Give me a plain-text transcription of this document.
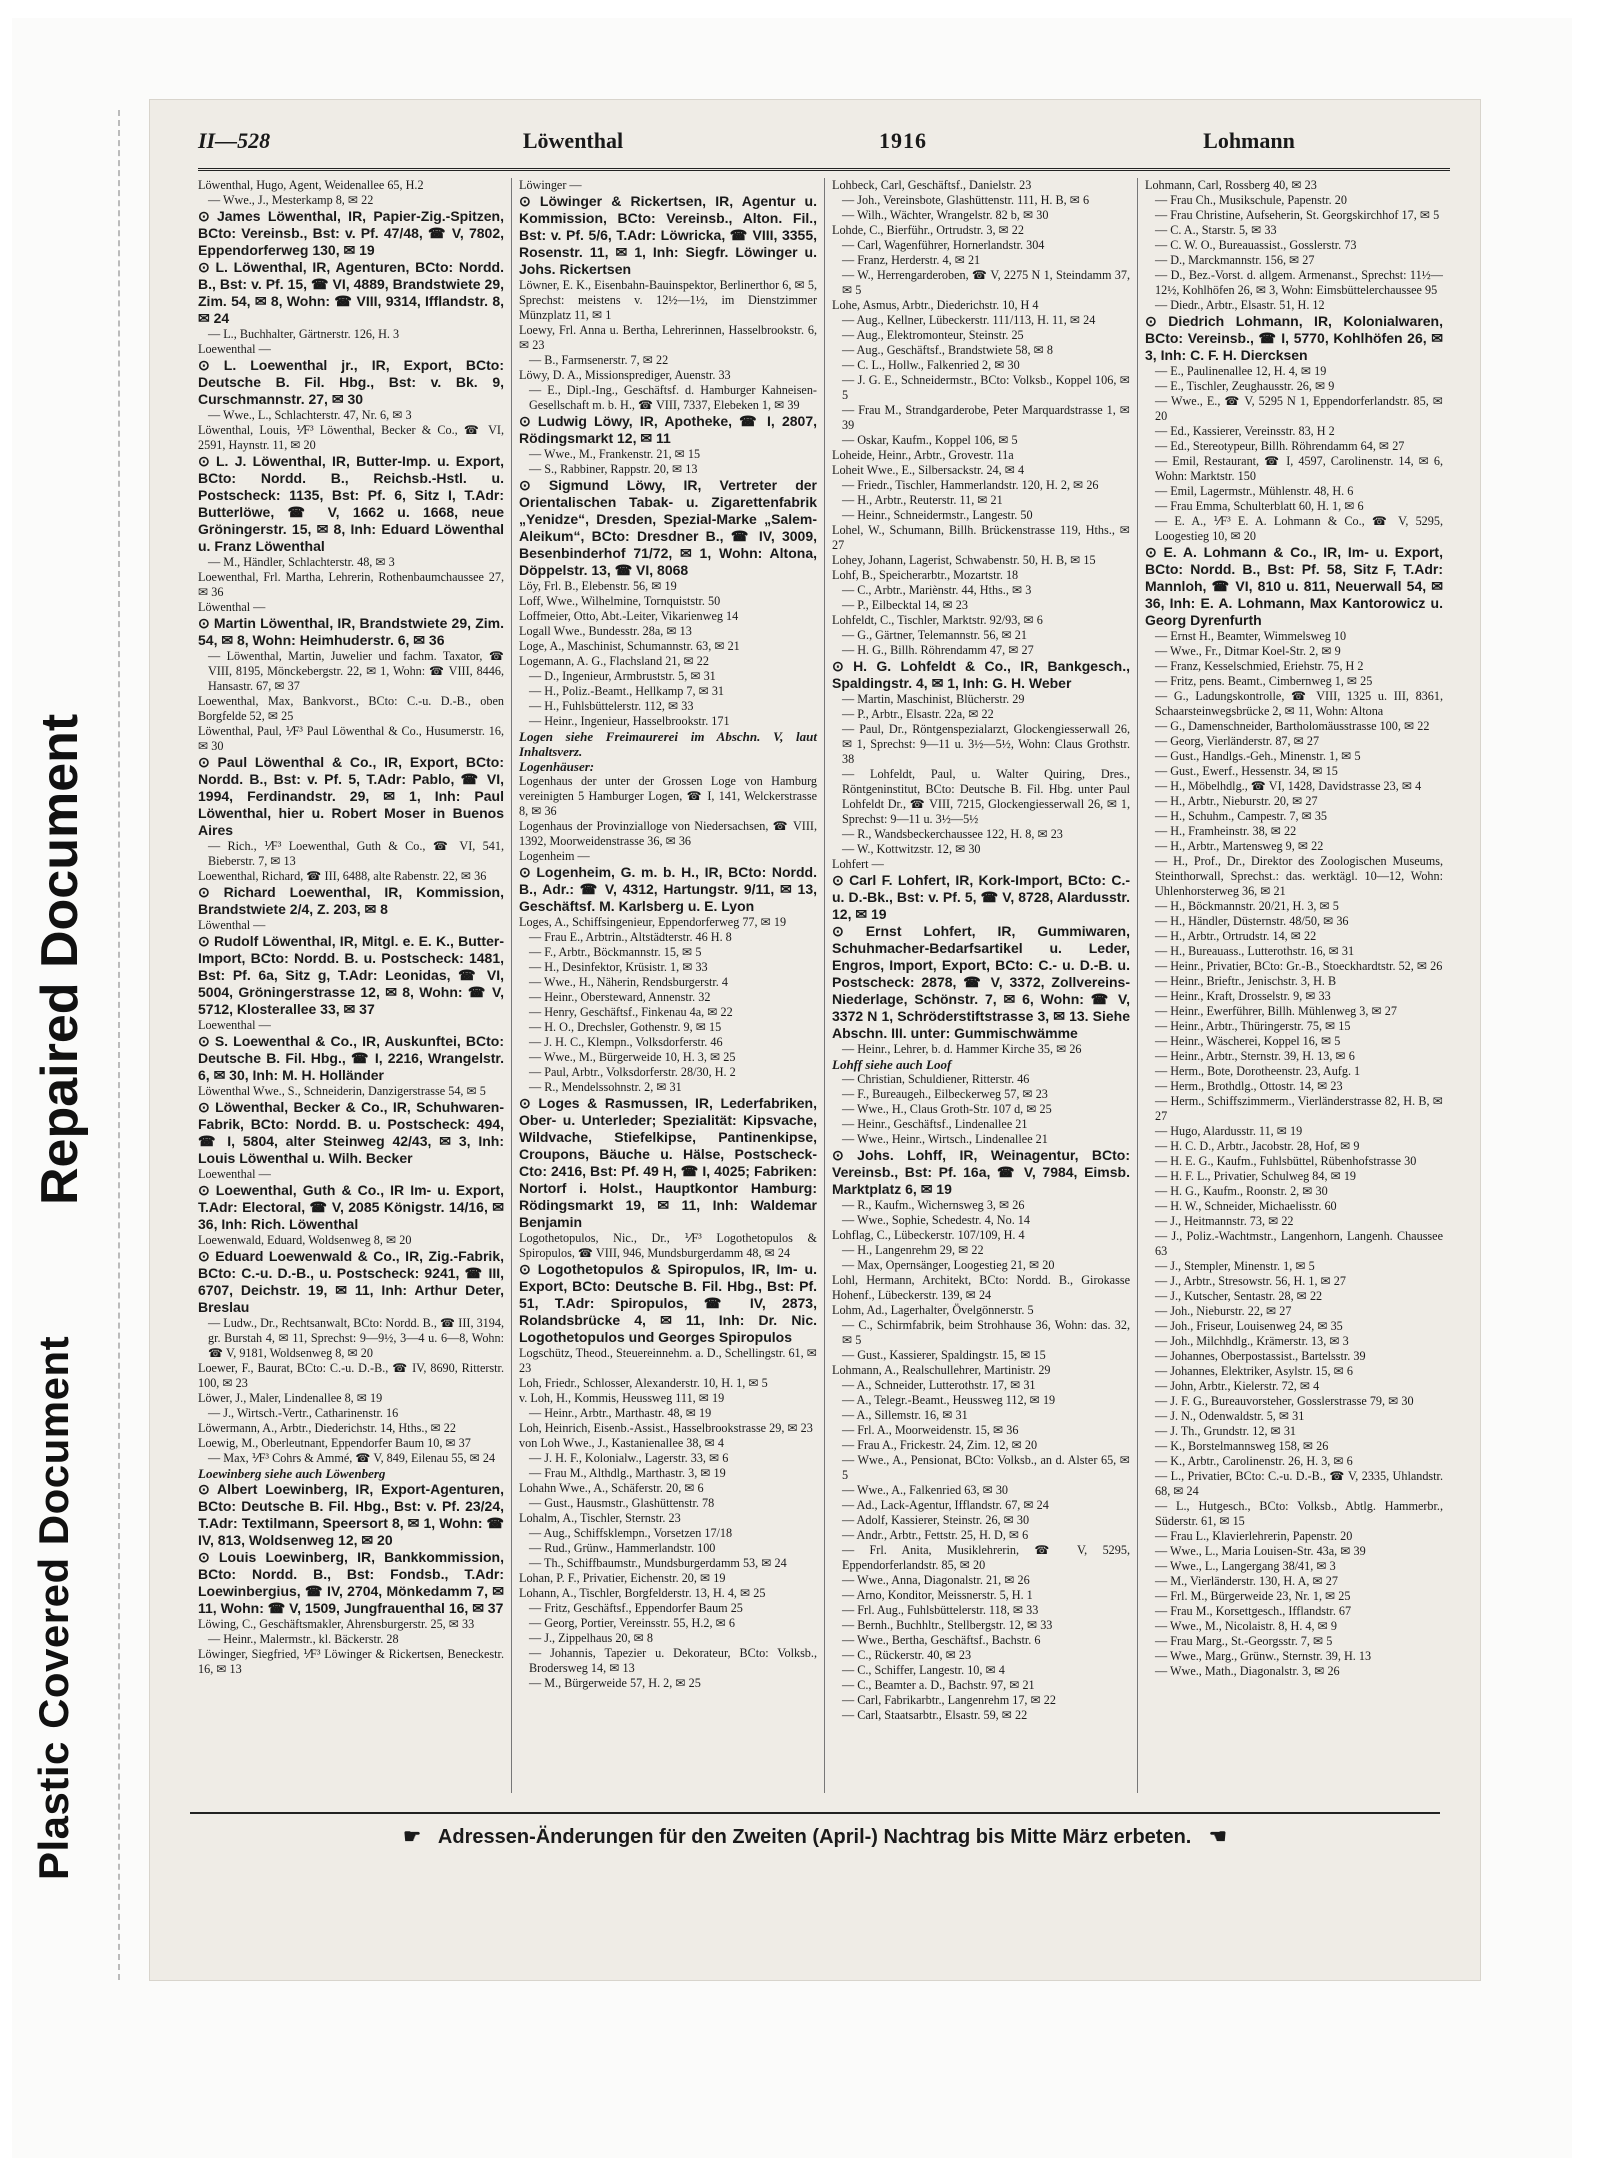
II—528	Löwenthal	1916	Lohmann

Löwenthal, Hugo, Agent, Weidenallee 65, H.2

— Wwe., J., Mesterkamp 8, ✉ 22

⊙ James Löwenthal, IR, Papier-Zig.-Spitzen, BCto: Vereinsb., Bst: v. Pf. 47/48, ☎ V, 7802, Eppendorferweg 130, ✉ 19

⊙ L. Löwenthal, IR, Agenturen, BCto: Nordd. B., Bst: v. Pf. 15, ☎ VI, 4889, Brandstwiete 29, Zim. 54, ✉ 8, Wohn: ☎ VIII, 9314, Ifflandstr. 8, ✉ 24

— L., Buchhalter, Gärtnerstr. 126, H. 3

Loewenthal —

⊙ L. Loewenthal jr., IR, Export, BCto: Deutsche B. Fil. Hbg., Bst: v. Bk. 9, Curschmannstr. 27, ✉ 30

— Wwe., L., Schlachterstr. 47, Nr. 6, ✉ 3

Löwenthal, Louis, ⅟F³ Löwenthal, Becker & Co., ☎ VI, 2591, Haynstr. 11, ✉ 20

⊙ L. J. Löwenthal, IR, Butter-Imp. u. Export, BCto: Nordd. B., Reichsb.-Hstl. u. Postscheck: 1135, Bst: Pf. 6, Sitz I, T.Adr: Butterlöwe, ☎ V, 1662 u. 1668, neue Gröningerstr. 15, ✉ 8, Inh: Eduard Löwenthal u. Franz Löwenthal

— M., Händler, Schlachterstr. 48, ✉ 3

Loewenthal, Frl. Martha, Lehrerin, Rothenbaumchaussee 27, ✉ 36

Löwenthal —

⊙ Martin Löwenthal, IR, Brandstwiete 29, Zim. 54, ✉ 8, Wohn: Heimhuderstr. 6, ✉ 36

— Löwenthal, Martin, Juwelier und fachm. Taxator, ☎ VIII, 8195, Mönckebergstr. 22, ✉ 1, Wohn: ☎ VIII, 8446, Hansastr. 67, ✉ 37

Loewenthal, Max, Bankvorst., BCto: C.-u. D.-B., oben Borgfelde 52, ✉ 25

Löwenthal, Paul, ⅟F³ Paul Löwenthal & Co., Husumerstr. 16, ✉ 30

⊙ Paul Löwenthal & Co., IR, Export, BCto: Nordd. B., Bst: v. Pf. 5, T.Adr: Pablo, ☎ VI, 1994, Ferdinandstr. 29, ✉ 1, Inh: Paul Löwenthal, hier u. Robert Moser in Buenos Aires

— Rich., ⅟F³ Loewenthal, Guth & Co., ☎ VI, 541, Bieberstr. 7, ✉ 13

Loewenthal, Richard, ☎ III, 6488, alte Rabenstr. 22, ✉ 36

⊙ Richard Loewenthal, IR, Kommission, Brandstwiete 2/4, Z. 203, ✉ 8

Löwenthal —

⊙ Rudolf Löwenthal, IR, Mitgl. e. E. K., Butter-Import, BCto: Nordd. B. u. Postscheck: 1481, Bst: Pf. 6a, Sitz g, T.Adr: Leonidas, ☎ VI, 5004, Gröningerstrasse 12, ✉ 8, Wohn: ☎ V, 5712, Klosterallee 33, ✉ 37

Loewenthal —

⊙ S. Loewenthal & Co., IR, Auskunftei, BCto: Deutsche B. Fil. Hbg., ☎ I, 2216, Wrangelstr. 6, ✉ 30, Inh: M. H. Holländer

Löwenthal Wwe., S., Schneiderin, Danzigerstrasse 54, ✉ 5

⊙ Löwenthal, Becker & Co., IR, Schuhwaren-Fabrik, BCto: Nordd. B. u. Postscheck: 494, ☎ I, 5804, alter Steinweg 42/43, ✉ 3, Inh: Louis Löwenthal u. Wilh. Becker

Loewenthal —

⊙ Loewenthal, Guth & Co., IR Im- u. Export, T.Adr: Electoral, ☎ V, 2085 Königstr. 14/16, ✉ 36, Inh: Rich. Löwenthal

Loewenwald, Eduard, Woldsenweg 8, ✉ 20

⊙ Eduard Loewenwald & Co., IR, Zig.-Fabrik, BCto: C.-u. D.-B., u. Postscheck: 9241, ☎ III, 6707, Deichstr. 19, ✉ 11, Inh: Arthur Deter, Breslau

— Ludw., Dr., Rechtsanwalt, BCto: Nordd. B., ☎ III, 3194, gr. Burstah 4, ✉ 11, Sprechst: 9—9½, 3—4 u. 6—8, Wohn: ☎ V, 9181, Woldsenweg 8, ✉ 20

Loewer, F., Baurat, BCto: C.-u. D.-B., ☎ IV, 8690, Ritterstr. 100, ✉ 23

Löwer, J., Maler, Lindenallee 8, ✉ 19

— J., Wirtsch.-Vertr., Catharinenstr. 16

Löwermann, A., Arbtr., Diederichstr. 14, Hths., ✉ 22

Loewig, M., Oberleutnant, Eppendorfer Baum 10, ✉ 37

— Max, ⅟F³ Cohrs & Ammé, ☎ V, 849, Eilenau 55, ✉ 24

Loewinberg siehe auch Löwenberg

⊙ Albert Loewinberg, IR, Export-Agenturen, BCto: Deutsche B. Fil. Hbg., Bst: v. Pf. 23/24, T.Adr: Textilmann, Speersort 8, ✉ 1, Wohn: ☎ IV, 813, Woldsenweg 12, ✉ 20

⊙ Louis Loewinberg, IR, Bankkommission, BCto: Nordd. B., Bst: Fondsb., T.Adr: Loewinbergius, ☎ IV, 2704, Mönkedamm 7, ✉ 11, Wohn: ☎ V, 1509, Jungfrauenthal 16, ✉ 37

Löwing, C., Geschäftsmakler, Ahrensburgerstr. 25, ✉ 33

— Heinr., Malermstr., kl. Bäckerstr. 28

Löwinger, Siegfried, ⅟F³ Löwinger & Rickertsen, Beneckestr. 16, ✉ 13

Löwinger —

⊙ Löwinger & Rickertsen, IR, Agentur u. Kommission, BCto: Vereinsb., Alton. Fil., Bst: v. Pf. 5/6, T.Adr: Löwricka, ☎ VIII, 3355, Rosenstr. 11, ✉ 1, Inh: Siegfr. Löwinger u. Johs. Rickertsen

Löwner, E. K., Eisenbahn-Bauinspektor, Berlinerthor 6, ✉ 5, Sprechst: meistens v. 12½—1½, im Dienstzimmer Münzplatz 11, ✉ 1

Loewy, Frl. Anna u. Bertha, Lehrerinnen, Hasselbrookstr. 6, ✉ 23

— B., Farmsenerstr. 7, ✉ 22

Löwy, D. A., Missionsprediger, Auenstr. 33

— E., Dipl.-Ing., Geschäftsf. d. Hamburger Kahneisen-Gesellschaft m. b. H., ☎ VIII, 7337, Elebeken 1, ✉ 39

⊙ Ludwig Löwy, IR, Apotheke, ☎ I, 2807, Rödingsmarkt 12, ✉ 11

— Wwe., M., Frankenstr. 21, ✉ 15

— S., Rabbiner, Rappstr. 20, ✉ 13

⊙ Sigmund Löwy, IR, Vertreter der Orientalischen Tabak- u. Zigarettenfabrik „Yenidze“, Dresden, Spezial-Marke „Salem-Aleikum“, BCto: Dresdner B., ☎ IV, 3009, Besenbinderhof 71/72, ✉ 1, Wohn: Altona, Döppelstr. 13, ☎ VI, 8068

Löy, Frl. B., Elebenstr. 56, ✉ 19

Loff, Wwe., Wilhelmine, Tornquiststr. 50

Loffmeier, Otto, Abt.-Leiter, Vikarienweg 14

Logall Wwe., Bundesstr. 28a, ✉ 13

Loge, A., Maschinist, Schumannstr. 63, ✉ 21

Logemann, A. G., Flachsland 21, ✉ 22

— D., Ingenieur, Armbruststr. 5, ✉ 31

— H., Poliz.-Beamt., Hellkamp 7, ✉ 31

— H., Fuhlsbüttelerstr. 112, ✉ 33

— Heinr., Ingenieur, Hasselbrookstr. 171

Logen siehe Freimaurerei im Abschn. V, laut Inhaltsverz.

Logenhäuser:

Logenhaus der unter der Grossen Loge von Hamburg vereinigten 5 Hamburger Logen, ☎ I, 141, Welckerstrasse 8, ✉ 36

Logenhaus der Provinzialloge von Niedersachsen, ☎ VIII, 1392, Moorweidenstrasse 36, ✉ 36

Logenheim —

⊙ Logenheim, G. m. b. H., IR, BCto: Nordd. B., Adr.: ☎ V, 4312, Hartungstr. 9/11, ✉ 13, Geschäftsf. M. Karlsberg u. E. Lyon

Loges, A., Schiffsingenieur, Eppendorferweg 77, ✉ 19

— Frau E., Arbtrin., Altstädterstr. 46 H. 8

— F., Arbtr., Böckmannstr. 15, ✉ 5

— H., Desinfektor, Krüsistr. 1, ✉ 33

— Wwe., H., Näherin, Rendsburgerstr. 4

— Heinr., Obersteward, Annenstr. 32

— Henry, Geschäftsf., Finkenau 4a, ✉ 22

— H. O., Drechsler, Gothenstr. 9, ✉ 15

— J. H. C., Klempn., Volksdorferstr. 46

— Wwe., M., Bürgerweide 10, H. 3, ✉ 25

— Paul, Arbtr., Volksdorferstr. 28/30, H. 2

— R., Mendelssohnstr. 2, ✉ 31

⊙ Loges & Rasmussen, IR, Lederfabriken, Ober- u. Unterleder; Spezialität: Kipsvache, Wildvache, Stiefelkipse, Pantinenkipse, Croupons, Bäuche u. Hälse, Postscheck-Cto: 2416, Bst: Pf. 49 H, ☎ I, 4025; Fabriken: Nortorf i. Holst., Hauptkontor Hamburg: Rödingsmarkt 19, ✉ 11, Inh: Waldemar Benjamin

Logothetopulos, Nic., Dr., ⅟F³ Logothetopulos & Spiropulos, ☎ VIII, 946, Mundsburgerdamm 48, ✉ 24

⊙ Logothetopulos & Spiropulos, IR, Im- u. Export, BCto: Deutsche B. Fil. Hbg., Bst: Pf. 51, T.Adr: Spiropulos, ☎ IV, 2873, Rolandsbrücke 4, ✉ 11, Inh: Dr. Nic. Logothetopulos und Georges Spiropulos

Logschütz, Theod., Steuereinnehm. a. D., Schellingstr. 61, ✉ 23

Loh, Friedr., Schlosser, Alexanderstr. 10, H. 1, ✉ 5

v. Loh, H., Kommis, Heussweg 111, ✉ 19

— Heinr., Arbtr., Marthastr. 48, ✉ 19

Loh, Heinrich, Eisenb.-Assist., Hasselbrookstrasse 29, ✉ 23

von Loh Wwe., J., Kastanienallee 38, ✉ 4

— J. H. F., Kolonialw., Lagerstr. 33, ✉ 6

— Frau M., Althdlg., Marthastr. 3, ✉ 19

Lohahn Wwe., A., Schäferstr. 20, ✉ 6

— Gust., Hausmstr., Glashüttenstr. 78

Lohalm, A., Tischler, Sternstr. 23

— Aug., Schiffsklempn., Vorsetzen 17/18

— Rud., Grünw., Hammerlandstr. 100

— Th., Schiffbaumstr., Mundsburgerdamm 53, ✉ 24

Lohan, P. F., Privatier, Eichenstr. 20, ✉ 19

Lohann, A., Tischler, Borgfelderstr. 13, H. 4, ✉ 25

— Fritz, Geschäftsf., Eppendorfer Baum 25

— Georg, Portier, Vereinsstr. 55, H.2, ✉ 6

— J., Zippelhaus 20, ✉ 8

— Johannis, Tapezier u. Dekorateur, BCto: Volksb., Brodersweg 14, ✉ 13

— M., Bürgerweide 57, H. 2, ✉ 25

Lohbeck, Carl, Geschäftsf., Danielstr. 23

— Joh., Vereinsbote, Glashüttenstr. 111, H. B, ✉ 6

— Wilh., Wächter, Wrangelstr. 82 b, ✉ 30

Lohde, C., Bierführ., Ortrudstr. 3, ✉ 22

— Carl, Wagenführer, Hornerlandstr. 304

— Franz, Herderstr. 4, ✉ 21

— W., Herrengarderoben, ☎ V, 2275 N 1, Steindamm 37, ✉ 5

Lohe, Asmus, Arbtr., Diederichstr. 10, H 4

— Aug., Kellner, Lübeckerstr. 111/113, H. 11, ✉ 24

— Aug., Elektromonteur, Steinstr. 25

— Aug., Geschäftsf., Brandstwiete 58, ✉ 8

— C. L., Hollw., Falkenried 2, ✉ 30

— J. G. E., Schneidermstr., BCto: Volksb., Koppel 106, ✉ 5

— Frau M., Strandgarderobe, Peter Marquardstrasse 1, ✉ 39

— Oskar, Kaufm., Koppel 106, ✉ 5

Loheide, Heinr., Arbtr., Grovestr. 11a

Loheit Wwe., E., Silbersackstr. 24, ✉ 4

— Friedr., Tischler, Hammerlandstr. 120, H. 2, ✉ 26

— H., Arbtr., Reuterstr. 11, ✉ 21

— Heinr., Schneidermstr., Langestr. 50

Lohel, W., Schumann, Billh. Brückenstrasse 119, Hths., ✉ 27

Lohey, Johann, Lagerist, Schwabenstr. 50, H. B, ✉ 15

Lohf, B., Speicherarbtr., Mozartstr. 18

— C., Arbtr., Mariènstr. 44, Hths., ✉ 3

— P., Eilbecktal 14, ✉ 23

Lohfeldt, C., Tischler, Marktstr. 92/93, ✉ 6

— G., Gärtner, Telemannstr. 56, ✉ 21

— H. G., Billh. Röhrendamm 47, ✉ 27

⊙ H. G. Lohfeldt & Co., IR, Bankgesch., Spaldingstr. 4, ✉ 1, Inh: G. H. Weber

— Martin, Maschinist, Blücherstr. 29

— P., Arbtr., Elsastr. 22a, ✉ 22

— Paul, Dr., Röntgenspezialarzt, Glockengiesserwall 26, ✉ 1, Sprechst: 9—11 u. 3½—5½, Wohn: Claus Grothstr. 38

— Lohfeldt, Paul, u. Walter Quiring, Dres., Röntgeninstitut, BCto: Deutsche B. Fil. Hbg. unter Paul Lohfeldt Dr., ☎ VIII, 7215, Glockengiesserwall 26, ✉ 1, Sprechst: 9—11 u. 3½—5½

— R., Wandsbeckerchaussee 122, H. 8, ✉ 23

— W., Kottwitzstr. 12, ✉ 30

Lohfert —

⊙ Carl F. Lohfert, IR, Kork-Import, BCto: C.- u. D.-Bk., Bst: v. Pf. 5, ☎ V, 8728, Alardusstr. 12, ✉ 19

⊙ Ernst Lohfert, IR, Gummiwaren, Schuhmacher-Bedarfsartikel u. Leder, Engros, Import, Export, BCto: C.- u. D.-B. u. Postscheck: 2878, ☎ V, 3372, Zollvereins-Niederlage, Schönstr. 7, ✉ 6, Wohn: ☎ V, 3372 N 1, Schröderstiftstrasse 3, ✉ 13. Siehe Abschn. III. unter: Gummischwämme

— Heinr., Lehrer, b. d. Hammer Kirche 35, ✉ 26

Lohff siehe auch Loof

— Christian, Schuldiener, Ritterstr. 46

— F., Bureaugeh., Eilbeckerweg 57, ✉ 23

— Wwe., H., Claus Groth-Str. 107 d, ✉ 25

— Heinr., Geschäftsf., Lindenallee 21

— Wwe., Heinr., Wirtsch., Lindenallee 21

⊙ Johs. Lohff, IR, Weinagentur, BCto: Vereinsb., Bst: Pf. 16a, ☎ V, 7984, Eimsb. Marktplatz 6, ✉ 19

— R., Kaufm., Wichernsweg 3, ✉ 26

— Wwe., Sophie, Schedestr. 4, No. 14

Lohflag, C., Lübeckerstr. 107/109, H. 4

— H., Langenrehm 29, ✉ 22

— Max, Opernsänger, Loogestieg 21, ✉ 20

Lohl, Hermann, Architekt, BCto: Nordd. B., Girokasse Hohenf., Lübeckerstr. 139, ✉ 24

Lohm, Ad., Lagerhalter, Övelgönnerstr. 5

— C., Schirmfabrik, beim Strohhause 36, Wohn: das. 32, ✉ 5

— Gust., Kassierer, Spaldingstr. 15, ✉ 15

Lohmann, A., Realschullehrer, Martinistr. 29

— A., Schneider, Lutterothstr. 17, ✉ 31

— A., Telegr.-Beamt., Heussweg 112, ✉ 19

— A., Sillemstr. 16, ✉ 31

— Frl. A., Moorweidenstr. 15, ✉ 36

— Frau A., Frickestr. 24, Zim. 12, ✉ 20

— Wwe., A., Pensionat, BCto: Volksb., an d. Alster 65, ✉ 5

— Wwe., A., Falkenried 63, ✉ 30

— Ad., Lack-Agentur, Ifflandstr. 67, ✉ 24

— Adolf, Kassierer, Steinstr. 26, ✉ 30

— Andr., Arbtr., Fettstr. 25, H. D, ✉ 6

— Frl. Anita, Musiklehrerin, ☎ V, 5295, Eppendorferlandstr. 85, ✉ 20

— Wwe., Anna, Diagonalstr. 21, ✉ 26

— Arno, Konditor, Meissnerstr. 5, H. 1

— Frl. Aug., Fuhlsbüttelerstr. 118, ✉ 33

— Bernh., Buchhltr., Stellbergstr. 12, ✉ 33

— Wwe., Bertha, Geschäftsf., Bachstr. 6

— C., Rückerstr. 40, ✉ 23

— C., Schiffer, Langestr. 10, ✉ 4

— C., Beamter a. D., Bachstr. 97, ✉ 21

— Carl, Fabrikarbtr., Langenrehm 17, ✉ 22

— Carl, Staatsarbtr., Elsastr. 59, ✉ 22

Lohmann, Carl, Rossberg 40, ✉ 23

— Frau Ch., Musikschule, Papenstr. 20

— Frau Christine, Aufseherin, St. Georgskirchhof 17, ✉ 5

— C. A., Starstr. 5, ✉ 33

— C. W. O., Bureauassist., Gosslerstr. 73

— D., Marckmannstr. 156, ✉ 27

— D., Bez.-Vorst. d. allgem. Armenanst., Sprechst: 11½—12½, Kohlhöfen 26, ✉ 3, Wohn: Eimsbüttelerchaussee 95

— Diedr., Arbtr., Elsastr. 51, H. 12

⊙ Diedrich Lohmann, IR, Kolonialwaren, BCto: Vereinsb., ☎ I, 5770, Kohlhöfen 26, ✉ 3, Inh: C. F. H. Diercksen

— E., Paulinenallee 12, H. 4, ✉ 19

— E., Tischler, Zeughausstr. 26, ✉ 9

— Wwe., E., ☎ V, 5295 N 1, Eppendorferlandstr. 85, ✉ 20

— Ed., Kassierer, Vereinsstr. 83, H 2

— Ed., Stereotypeur, Billh. Röhrendamm 64, ✉ 27

— Emil, Restaurant, ☎ I, 4597, Carolinenstr. 14, ✉ 6, Wohn: Marktstr. 150

— Emil, Lagermstr., Mühlenstr. 48, H. 6

— Frau Emma, Schulterblatt 60, H. 1, ✉ 6

— E. A., ⅟F³ E. A. Lohmann & Co., ☎ V, 5295, Loogestieg 10, ✉ 20

⊙ E. A. Lohmann & Co., IR, Im- u. Export, BCto: Nordd. B., Bst: Pf. 58, Sitz F, T.Adr: Mannloh, ☎ VI, 810 u. 811, Neuerwall 54, ✉ 36, Inh: E. A. Lohmann, Max Kantorowicz u. Georg Dyrenfurth

— Ernst H., Beamter, Wimmelsweg 10

— Wwe., Fr., Ditmar Koel-Str. 2, ✉ 9

— Franz, Kesselschmied, Eriehstr. 75, H 2

— Fritz, pens. Beamt., Cimbernweg 1, ✉ 25

— G., Ladungskontrolle, ☎ VIII, 1325 u. III, 8361, Schaarsteinwegsbrücke 2, ✉ 11, Wohn: Altona

— G., Damenschneider, Bartholomäusstrasse 100, ✉ 22

— Georg, Vierländerstr. 87, ✉ 27

— Gust., Handlgs.-Geh., Minenstr. 1, ✉ 5

— Gust., Ewerf., Hessenstr. 34, ✉ 15

— H., Möbelhdlg., ☎ VI, 1428, Davidstrasse 23, ✉ 4

— H., Arbtr., Nieburstr. 20, ✉ 27

— H., Schuhm., Campestr. 7, ✉ 35

— H., Framheinstr. 38, ✉ 22

— H., Arbtr., Martensweg 9, ✉ 22

— H., Prof., Dr., Direktor des Zoologischen Museums, Steinthorwall, Sprechst.: das. werktägl. 10—12, Wohn: Uhlenhorsterweg 36, ✉ 21

— H., Böckmannstr. 20/21, H. 3, ✉ 5

— H., Händler, Düsternstr. 48/50, ✉ 36

— H., Arbtr., Ortrudstr. 14, ✉ 22

— H., Bureauass., Lutterothstr. 16, ✉ 31

— Heinr., Privatier, BCto: Gr.-B., Stoeckhardtstr. 52, ✉ 26

— Heinr., Brieftr., Jenischstr. 3, H. B

— Heinr., Kraft, Drosselstr. 9, ✉ 33

— Heinr., Ewerführer, Billh. Mühlenweg 3, ✉ 27

— Heinr., Arbtr., Thüringerstr. 75, ✉ 15

— Heinr., Wäscherei, Koppel 16, ✉ 5

— Heinr., Arbtr., Sternstr. 39, H. 13, ✉ 6

— Herm., Bote, Dorotheenstr. 23, Aufg. 1

— Herm., Brothdlg., Ottostr. 14, ✉ 23

— Herm., Schiffszimmerm., Vierländerstrasse 82, H. B, ✉ 27

— Hugo, Alardusstr. 11, ✉ 19

— H. C. D., Arbtr., Jacobstr. 28, Hof, ✉ 9

— H. E. G., Kaufm., Fuhlsbüttel, Rübenhofstrasse 30

— H. F. L., Privatier, Schulweg 84, ✉ 19

— H. G., Kaufm., Roonstr. 2, ✉ 30

— H. W., Schneider, Michaelisstr. 60

— J., Heitmannstr. 73, ✉ 22

— J., Poliz.-Wachtmstr., Langenhorn, Langenh. Chaussee 63

— J., Stempler, Minenstr. 1, ✉ 5

— J., Arbtr., Stresowstr. 56, H. 1, ✉ 27

— J., Kutscher, Sentastr. 28, ✉ 22

— Joh., Nieburstr. 22, ✉ 27

— Joh., Friseur, Louisenweg 24, ✉ 35

— Joh., Milchhdlg., Krämerstr. 13, ✉ 3

— Johannes, Oberpostassist., Bartelsstr. 39

— Johannes, Elektriker, Asylstr. 15, ✉ 6

— John, Arbtr., Kielerstr. 72, ✉ 4

— J. F. G., Bureauvorsteher, Gosslerstrasse 79, ✉ 30

— J. N., Odenwaldstr. 5, ✉ 31

— J. Th., Grundstr. 12, ✉ 31

— K., Borstelmannsweg 158, ✉ 26

— K., Arbtr., Carolinenstr. 26, H. 3, ✉ 6

— L., Privatier, BCto: C.-u. D.-B., ☎ V, 2335, Uhlandstr. 68, ✉ 24

— L., Hutgesch., BCto: Volksb., Abtlg. Hammerbr., Süderstr. 61, ✉ 15

— Frau L., Klavierlehrerin, Papenstr. 20

— Wwe., L., Maria Louisen-Str. 43a, ✉ 39

— Wwe., L., Langergang 38/41, ✉ 3

— M., Vierländerstr. 130, H. A, ✉ 27

— Frl. M., Bürgerweide 23, Nr. 1, ✉ 25

— Frau M., Korsettgesch., Ifflandstr. 67

— Wwe., M., Nicolaistr. 8, H. 4, ✉ 9

— Frau Marg., St.-Georgsstr. 7, ✉ 5

— Wwe., Marg., Grünw., Sternstr. 39, H. 13

— Wwe., Math., Diagonalstr. 3, ✉ 26

☛ Adressen-Änderungen für den Zweiten (April-) Nachtrag bis Mitte März erbeten. ☚
